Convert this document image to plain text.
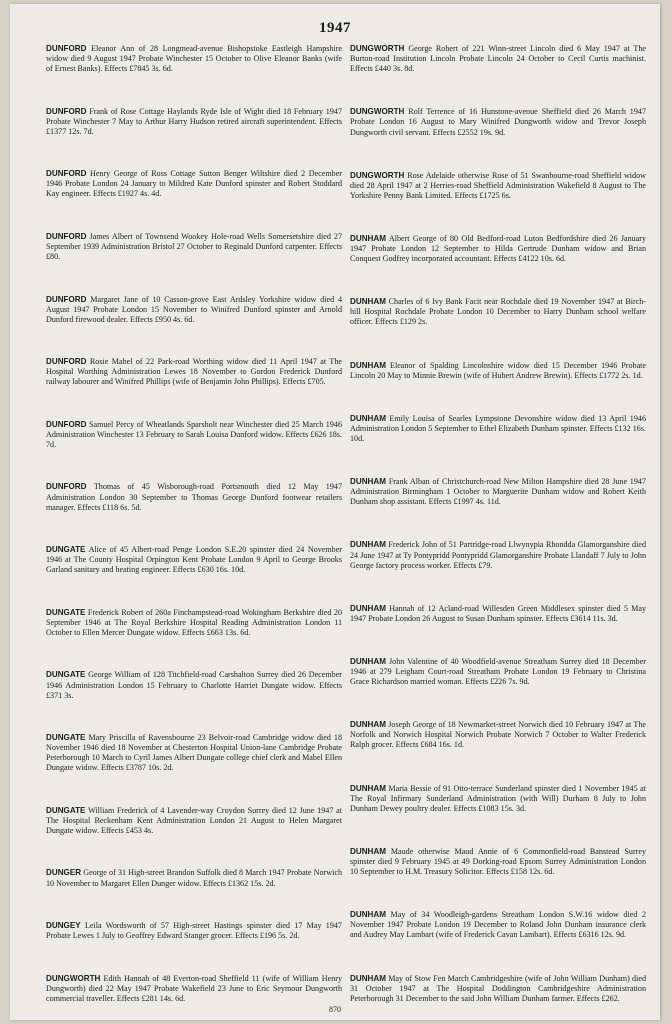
1947

DUNFORD Eleanor Ann of 28 Longmead-avenue Bishopstoke Eastleigh Hampshire widow died 9 August 1947 Probate Winchester 15 October to Olive Eleanor Banks (wife of Ernest Banks). Effects £7845 3s. 6d.

DUNFORD Frank of Rose Cottage Haylands Ryde Isle of Wight died 18 February 1947 Probate Winchester 7 May to Arthur Harry Hudson retired aircraft superintendent. Effects £1377 12s. 7d.

DUNFORD Henry George of Ross Cottage Sutton Benger Wiltshire died 2 December 1946 Probate London 24 January to Mildred Kate Dunford spinster and Robert Stoddard Kay engineer. Effects £1927 4s. 4d.

DUNFORD James Albert of Townsend Wookey Hole-road Wells Somersetshire died 27 September 1939 Administration Bristol 27 October to Reginald Dunford carpenter. Effects £80.

DUNFORD Margaret Jane of 10 Casson-grove East Ardsley Yorkshire widow died 4 August 1947 Probate London 15 November to Winifred Dunford spinster and Arnold Dunford firewood dealer. Effects £950 4s. 6d.

DUNFORD Rosie Mabel of 22 Park-road Worthing widow died 11 April 1947 at The Hospital Worthing Administration Lewes 18 November to Gordon Frederick Dunford railway labourer and Winifred Phillips (wife of Benjamin John Phillips). Effects £705.

DUNFORD Samuel Percy of Wheatlands Sparsholt near Winchester died 25 March 1946 Administration Winchester 13 February to Sarah Louisa Dunford widow. Effects £626 18s. 7d.

DUNFORD Thomas of 45 Wisborough-road Portsmouth died 12 May 1947 Administration London 30 September to Thomas George Dunford footwear retailers manager. Effects £118 6s. 5d.

DUNGATE Alice of 45 Albert-road Penge London S.E.20 spinster died 24 November 1946 at The County Hospital Orpington Kent Probate London 9 April to George Brooks Garland sanitary and heating engineer. Effects £630 16s. 10d.

DUNGATE Frederick Robert of 260a Finchampstead-road Wokingham Berkshire died 20 September 1946 at The Royal Berkshire Hospital Reading Administration London 11 October to Ellen Mercer Dungate widow. Effects £663 13s. 6d.

DUNGATE George William of 128 Titchfield-road Carshalton Surrey died 26 December 1946 Administration London 15 February to Charlotte Harriet Dungate widow. Effects £371 3s.

DUNGATE Mary Priscilla of Ravensbourne 23 Belvoir-road Cambridge widow died 18 November 1946 died 18 November at Chesterton Hospital Union-lane Cambridge Probate Peterborough 10 March to Cyril James Albert Dungate college chief clerk and Mabel Ellen Dungate widow. Effects £3787 10s. 2d.

DUNGATE William Frederick of 4 Lavender-way Croydon Surrey died 12 June 1947 at The Hospital Beckenham Kent Administration London 21 August to Helen Margaret Dungate widow. Effects £453 4s.

DUNGER George of 31 High-street Brandon Suffolk died 8 March 1947 Probate Norwich 10 November to Margaret Ellen Dunger widow. Effects £1362 15s. 2d.

DUNGEY Leila Wordsworth of 57 High-street Hastings spinster died 17 May 1947 Probate Lewes 1 July to Geoffrey Edward Stanger grocer. Effects £196 5s. 2d.

DUNGWORTH Edith Hannah of 48 Everton-road Sheffield 11 (wife of William Henry Dungworth) died 22 May 1947 Probate Wakefield 23 June to Eric Seymour Dungworth commercial traveller. Effects £281 14s. 6d.

DUNGWORTH George Robert of 221 Winn-street Lincoln died 6 May 1947 at The Burton-road Institution Lincoln Probate Lincoln 24 October to Cecil Curtis machinist. Effects £440 3s. 8d.

DUNGWORTH Rolf Terrence of 16 Hunstone-avenue Sheffield died 26 March 1947 Probate London 16 August to Mary Winifred Dungworth widow and Trevor Joseph Dungworth civil servant. Effects £2552 19s. 9d.

DUNGWORTH Rose Adelaide otherwise Rose of 51 Swanbourne-road Sheffield widow died 28 April 1947 at 2 Herries-road Sheffield Administration Wakefield 8 August to The Yorkshire Penny Bank Limited. Effects £1725 6s.

DUNHAM Albert George of 80 Old Bedford-road Luton Bedfordshire died 26 January 1947 Probate London 12 September to Hilda Gertrude Dunham widow and Brian Conquest Godfrey incorporated accountant. Effects £4122 10s. 6d.

DUNHAM Charles of 6 Ivy Bank Facit near Rochdale died 19 November 1947 at Birch-hill Hospital Rochdale Probate London 10 December to Harry Dunham school welfare officer. Effects £129 2s.

DUNHAM Eleanor of Spalding Lincolnshire widow died 15 December 1946 Probate Lincoln 20 May to Minnie Brewin (wife of Hubert Andrew Brewin). Effects £1772 2s. 1d.

DUNHAM Emily Louisa of Searles Lympstone Devonshire widow died 13 April 1946 Administration London 5 September to Ethel Elizabeth Dunham spinster. Effects £132 16s. 10d.

DUNHAM Frank Alban of Christchurch-road New Milton Hampshire died 28 June 1947 Administration Birmingham 1 October to Marguerite Dunham widow and Robert Keith Dunham shop assistant. Effects £1997 4s. 11d.

DUNHAM Frederick John of 51 Partridge-road Llwynypia Rhondda Glamorganshire died 24 June 1947 at Ty Pontypridd Pontypridd Glamorganshire Probate Llandaff 7 July to John George factory process worker. Effects £79.

DUNHAM Hannah of 12 Acland-road Willesden Green Middlesex spinster died 5 May 1947 Probate London 26 August to Susan Dunham spinster. Effects £3614 11s. 3d.

DUNHAM John Valentine of 40 Woodfield-avenue Streatham Surrey died 18 December 1946 at 279 Leigham Court-road Streatham Probate London 19 February to Christina Grace Richardson married woman. Effects £226 7s. 9d.

DUNHAM Joseph George of 18 Newmarket-street Norwich died 10 February 1947 at The Norfolk and Norwich Hospital Norwich Probate Norwich 7 October to Walter Frederick Ralph grocer. Effects £684 16s. 1d.

DUNHAM Maria Bessie of 91 Otto-terrace Sunderland spinster died 1 November 1945 at The Royal Infirmary Sunderland Administration (with Will) Durham 8 July to John Dunham Dewey poultry dealer. Effects £1083 15s. 3d.

DUNHAM Maude otherwise Maud Annie of 6 Commonfield-road Banstead Surrey spinster died 9 February 1945 at 49 Dorking-road Epsom Surrey Administration London 10 September to H.M. Treasury Solicitor. Effects £158 12s. 6d.

DUNHAM May of 34 Woodleigh-gardens Streatham London S.W.16 widow died 2 November 1947 Probate London 19 December to Roland John Dunham insurance clerk and Audrey May Lambart (wife of Frederick Cavan Lambart). Effects £6316 12s. 9d.

DUNHAM May of Stow Fen March Cambridgeshire (wife of John William Dunham) died 31 October 1947 at The Hospital Doddington Cambridgeshire Administration Peterborough 31 December to the said John William Dunham farmer. Effects £262.

870
